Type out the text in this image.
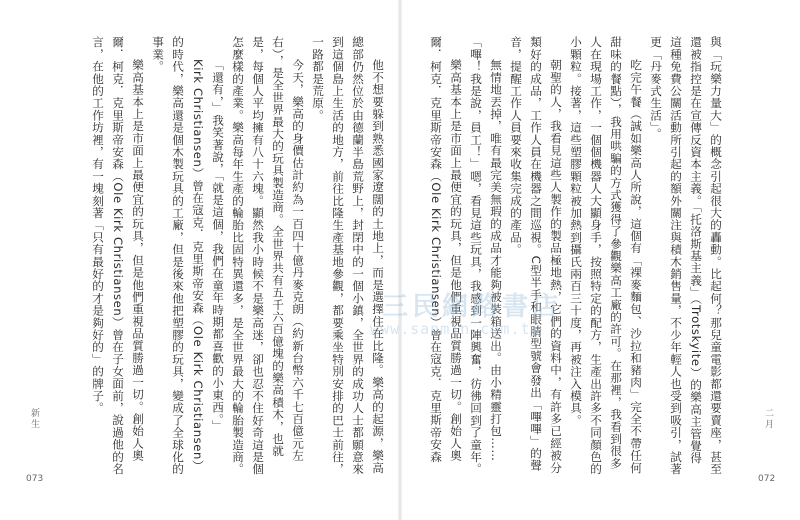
他不想要躲到熟悉國家遼闊的土地上，而是選擇住在比隆。樂高的起源，樂高總部仍然位於由德蘭半島荒野上，封閉中的一個小鎮，全世界的成功人士都願意來到這個島上生活的地方，前往比隆生產基地參觀，都要乘坐特別安排的巴士前往，一路都是荒原。

今天，樂高的身價估計約為一百四十億丹麥克朗（約新台幣六千七百億元左右），是全世界最大的玩具製造商。全世界共有五千六百億塊的樂高積木，也就是，每個人平均擁有八十六塊。顯然我小時候不是樂高迷，卻也忍不住好奇這是個怎麼樣的產業。樂高每年生產的輪胎比固特異還多，是全世界最大的輪胎製造商。

「還有，」我笑著說，「就是這個，我們在童年時期都喜歡的小東西。」

Kirk Christiansen）曾在寇克．克里斯帝安森（Ole Kirk Christiansen）的時代，樂高還是個木製玩具的工廠，但是後來他把塑膠的玩具，變成了全球化的事業。

樂高基本上是市面上最便宜的玩具，但是他們重視品質勝過一切。創始人奧爾．柯克．克里斯帝安森（Ole Kirk Christiansen）曾在子女面前，說過他的名言，在他的工作坊裡，有一塊刻著「只有最好的才是夠好的」的牌子。

新生
073

與「玩樂力量大」的概念引起很大的轟動。比起何？那兒童電影都還要賣座，甚至還被指控是在宣傳反資本主義。「托洛斯基主義」（Trotskyite）的樂高主管覺得這種免費公關活動所引起的額外關注與積木銷售量，不少年輕人也受到吸引，試著更「丹麥式生活」。

吃完午餐（誠如樂高人所說，這個有「裸麥麵包、沙拉和豬肉」完全不帶任何甜味的餐點），我用哄騙的方式獲得了參觀樂高工廠的許可。在那裡，我看到很多人在現場工作，一個個機器人大顯身手，按照特定的配方，生產出許多不同顏色的小顆粒。接著，這些塑膠顆粒被加熱到攝氏兩百三十度，再被注入模具。

朝聖的人，我看見這些人製作的製品極地熱，它們的資料中，有許多已經被分類好的成品，工作人員在機器之間巡視。C型半手和眼腈型號會發出「嗶嗶」的聲音，提醒工作人員要來收集完成的產品。

無情地丟掉，唯有最完美無瑕的成品才能夠被裝箱送出。由小精靈打包……「嗶！我是說，員工！」嗯，看見這些玩具，我感到一陣興奮，彷彿回到了童年。

樂高基本上是市面上最便宜的玩具，但是他們重視品質勝過一切。創始人奧爾．柯克．克里斯帝安森（Ole Kirk Christiansen）曾在寇克．克里斯帝安森

二月
072
三民網路書店
www.sanmin.com.tw
